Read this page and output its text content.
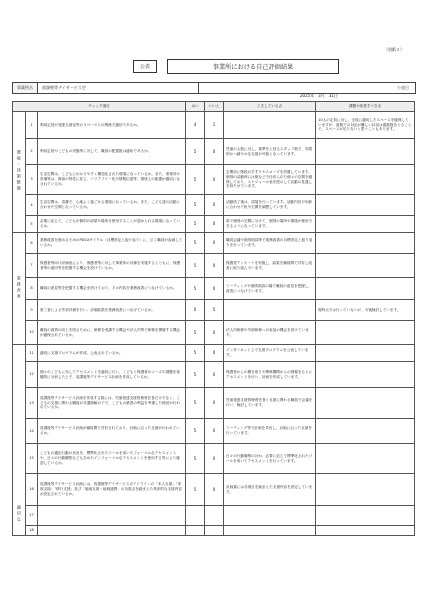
（別紙５）
公表	事業所における自己評価結果
事業所名	放課後等デイサービス空	公表日
2025年　3月　31日
チェック項目			はい	いいえ	工夫している点	課題や改善すべき点
環境・体制整備	1	利用定員が発達支援室等のスペースとの関係で適切であるか。	4	1		10人の定員に対し、全員に適切したスペースを確保していますが、複数での対応が難しい状況は複数数をとることで、スペースが足りないと思うこともあります。
	2	利用定員やこどもの状態等に対して、職員の配置数は適切であるか。	5	0	児童の人数に対し、基準を上回るスタッフ数で、効果的かつ細やかな支援が可能となっています。	
	3	生活空間は、こどもにわかりやすく構造化された環境になっているか。また、事業所の設備等は、障害の特性に応じ、バリアフリー化や情報伝達等、環境上の配慮が適切になされているか。	5	0	玄関前に階段の手すりやスロープを設置しています。個別の活動時には壁などで仕切られた個々の空間を確保しており、スケジュール表を提示して活動の見通しを持たせています。	
	4	生活空間は、清潔で、心地よく過ごせる環境になっているか。また、こども達の活動に合わせた空間となっているか。	5	0	活動終了後は、清掃を行っています。活動内容や年齢に合わせて机や空間を調整しています。	
	5	必要に応じて、こどもが個別の部屋や場所を使用することが認められる環境になっているか。	5	0	扉で個別の空間に分けて、個別の場所や環境が使用できるようになっています。	
業務改善	6	業務改善を進めるためのPDCAサイクル（目標設定と振り返り）に、広く職員が参画しているか。	5	0	職員会議や個別面談等で業務改善の目標設定と振り返りを行っています。	
	7	保護者等向け評価表により、保護者等に対して事業所の評価を実施するとともに、保護者等の意向等を把握する機会を設けているか。	5	0	保護者アンケートを実施し、結果を職員間で共有し改善に取り組んでいます。	
	8	職員の意見等を把握する機会を設けており、その内容を業務改善につなげているか。	5	0	ミーティングや個別面談の場で職員の意見を把握し、改善につなげています。	
	9	第三者による外部評価を行い、評価結果を業務改善につなげているか。	0	5		現時点では行っていないが、今後検討しています。
	10	職員の資質の向上を図るために、研修を受講する機会や法人内等で研修を開催する機会が確保されているか。	5	0	法人内研修や外部研修への参加の機会を設けています。	
適切な	11	適切に支援プログラムが作成、公表されているか。	5	0	インターネット上で支援プログラムを公表しています。	
	12	個々のこどもに対してアセスメントを適切に行い、こどもと保護者のニーズや課題を客観的に分析した上で、放課後等デイサービス計画を作成しているか。	5	0	保護者からの聞き取りや関係機関からの情報をもとにアセスメントを行い、計画を作成しています。	
	13	放課後等デイサービス計画を作成する際には、児童発達支援管理責任者だけでなく、こどもの支援に関わる職員が共通理解の下で、こどもの最善の利益を考慮した検討が行われているか。	5	0	児童発達支援管理責任者と支援に関わる職員で会議を行い、検討しています。	
	14	放課後等デイサービス計画が職員間で共有されており、計画に沿った支援が行われているか。	5	0	ミーティング等で計画を共有し、計画に沿った支援を行っています。	
	15	こどもの適応行動の状況を、標準化されたツールを用いたフォーマルなアセスメントや、日々の行動観察なども含めたインフォーマルなアセスメントを使用する等により確認しているか。	5	0	日々の行動観察のほか、必要に応じて標準化されたツールを用いてアセスメントを行っています。	
	16	放課後等デイサービス計画には、放課後等デイサービスガイドラインの「本人支援」「家族支援」「移行支援」及び「地域支援・地域連携」の各視点を踏まえた具体的な支援内容が設定されているか。	5	0	計画書には各項目を踏まえた支援内容を設定しています。	
	17					
	18					
